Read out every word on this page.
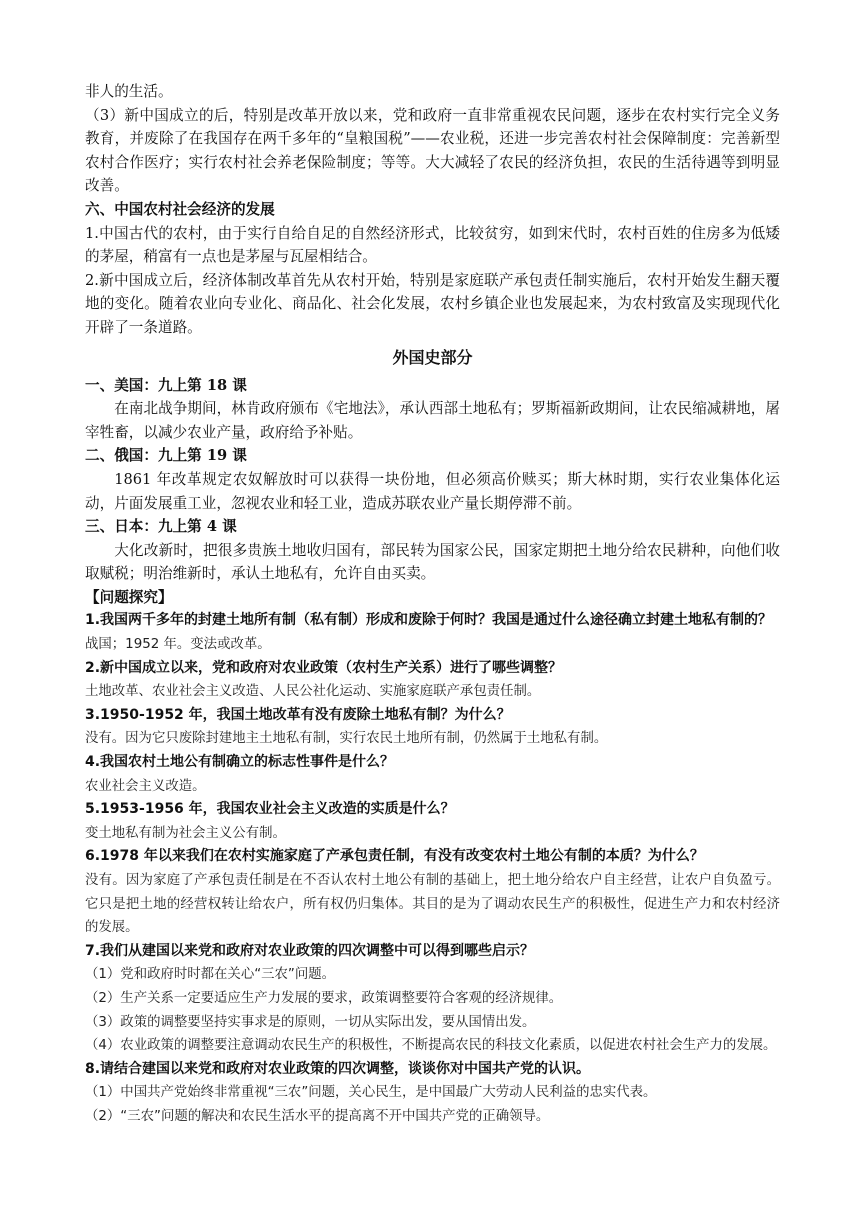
非人的生活。

（3）新中国成立的后，特别是改革开放以来，党和政府一直非常重视农民问题，逐步在农村实行完全义务教育，并废除了在我国存在两千多年的“皇粮国税”——农业税，还进一步完善农村社会保障制度：完善新型农村合作医疗；实行农村社会养老保险制度；等等。大大减轻了农民的经济负担，农民的生活待遇等到明显改善。

六、中国农村社会经济的发展

1.中国古代的农村，由于实行自给自足的自然经济形式，比较贫穷，如到宋代时，农村百姓的住房多为低矮的茅屋，稍富有一点也是茅屋与瓦屋相结合。

2.新中国成立后，经济体制改革首先从农村开始，特别是家庭联产承包责任制实施后，农村开始发生翻天覆地的变化。随着农业向专业化、商品化、社会化发展，农村乡镇企业也发展起来，为农村致富及实现现代化开辟了一条道路。

外国史部分

一、美国：九上第 18 课

在南北战争期间，林肯政府颁布《宅地法》，承认西部土地私有；罗斯福新政期间，让农民缩减耕地，屠宰牲畜，以减少农业产量，政府给予补贴。

二、俄国：九上第 19 课

1861 年改革规定农奴解放时可以获得一块份地，但必须高价赎买；斯大林时期，实行农业集体化运动，片面发展重工业，忽视农业和轻工业，造成苏联农业产量长期停滞不前。

三、日本：九上第 4 课

大化改新时，把很多贵族土地收归国有，部民转为国家公民，国家定期把土地分给农民耕种，向他们收取赋税；明治维新时，承认土地私有，允许自由买卖。

【问题探究】

1.我国两千多年的封建土地所有制（私有制）形成和废除于何时？我国是通过什么途径确立封建土地私有制的？

战国；1952 年。变法或改革。

2.新中国成立以来，党和政府对农业政策（农村生产关系）进行了哪些调整？

土地改革、农业社会主义改造、人民公社化运动、实施家庭联产承包责任制。

3.1950-1952 年，我国土地改革有没有废除土地私有制？为什么？

没有。因为它只废除封建地主土地私有制，实行农民土地所有制，仍然属于土地私有制。

4.我国农村土地公有制确立的标志性事件是什么？

农业社会主义改造。

5.1953-1956 年，我国农业社会主义改造的实质是什么？

变土地私有制为社会主义公有制。

6.1978 年以来我们在农村实施家庭了产承包责任制，有没有改变农村土地公有制的本质？为什么？

没有。因为家庭了产承包责任制是在不否认农村土地公有制的基础上，把土地分给农户自主经营，让农户自负盈亏。它只是把土地的经营权转让给农户，所有权仍归集体。其目的是为了调动农民生产的积极性，促进生产力和农村经济的发展。

7.我们从建国以来党和政府对农业政策的四次调整中可以得到哪些启示？

（1）党和政府时时都在关心“三农”问题。

（2）生产关系一定要适应生产力发展的要求，政策调整要符合客观的经济规律。

（3）政策的调整要坚持实事求是的原则，一切从实际出发，要从国情出发。

（4）农业政策的调整要注意调动农民生产的积极性，不断提高农民的科技文化素质，以促进农村社会生产力的发展。

8.请结合建国以来党和政府对农业政策的四次调整，谈谈你对中国共产党的认识。

（1）中国共产党始终非常重视“三农”问题，关心民生，是中国最广大劳动人民利益的忠实代表。

（2）“三农”问题的解决和农民生活水平的提高离不开中国共产党的正确领导。
